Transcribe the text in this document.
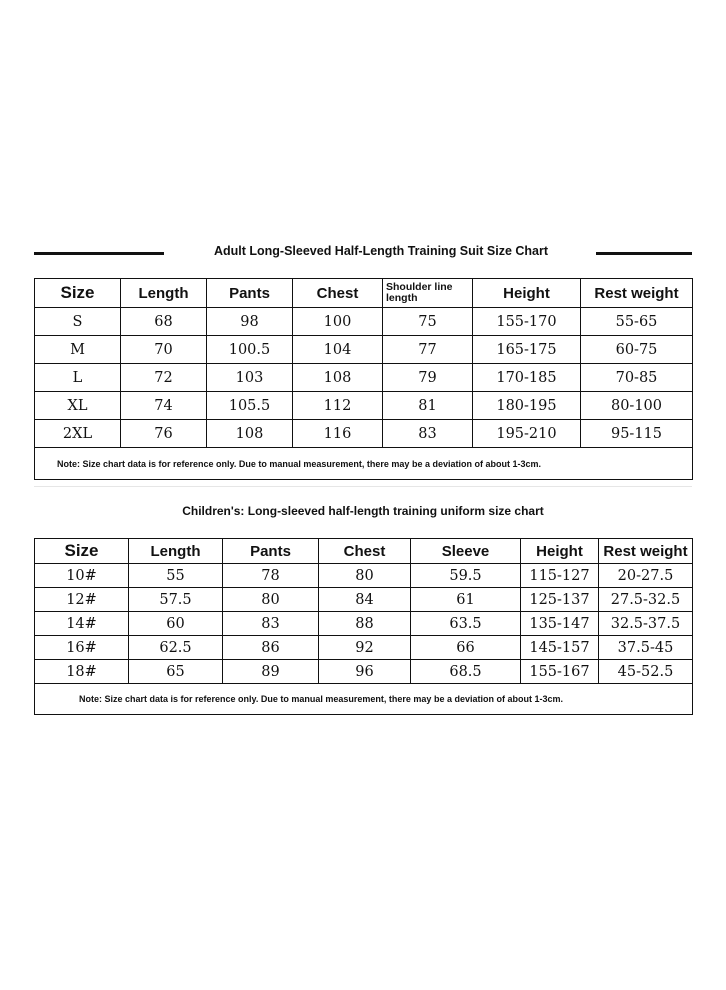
Adult Long-Sleeved Half-Length Training Suit Size Chart
Size	Length	Pants	Chest	Shoulder line length	Height	Rest weight
S	68	98	100	75	155-170	55-65
M	70	100.5	104	77	165-175	60-75
L	72	103	108	79	170-185	70-85
XL	74	105.5	112	81	180-195	80-100
2XL	76	108	116	83	195-210	95-115
Note: Size chart data is for reference only. Due to manual measurement, there may be a deviation of about 1-3cm.						
Children's: Long-sleeved half-length training uniform size chart
Size	Length	Pants	Chest	Sleeve	Height	Rest weight
10#	55	78	80	59.5	115-127	20-27.5
12#	57.5	80	84	61	125-137	27.5-32.5
14#	60	83	88	63.5	135-147	32.5-37.5
16#	62.5	86	92	66	145-157	37.5-45
18#	65	89	96	68.5	155-167	45-52.5
Note: Size chart data is for reference only. Due to manual measurement, there may be a deviation of about 1-3cm.						
